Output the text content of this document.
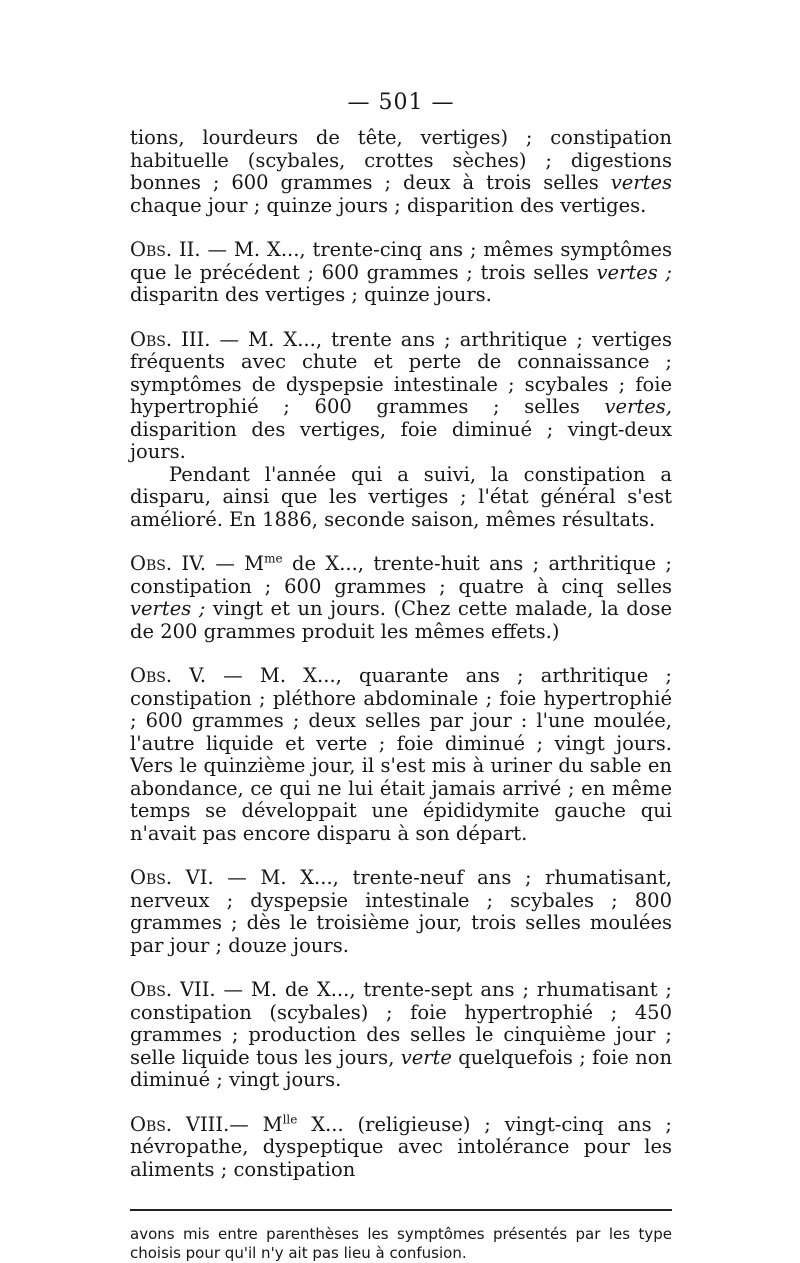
— 501 —

tions, lourdeurs de tête, vertiges) ; constipation habituelle (scybales, crottes sèches) ; digestions bonnes ; 600 grammes ; deux à trois selles vertes chaque jour ; quinze jours ; disparition des vertiges.

Obs. II. — M. X..., trente-cinq ans ; mêmes symptômes que le précédent ; 600 grammes ; trois selles vertes ; disparitn des vertiges ; quinze jours.

Obs. III. — M. X..., trente ans ; arthritique ; vertiges fréquents avec chute et perte de connaissance ; symptômes de dyspepsie intestinale ; scybales ; foie hypertrophié ; 600 grammes ; selles vertes, disparition des vertiges, foie diminué ; vingt-deux jours.

Pendant l'année qui a suivi, la constipation a disparu, ainsi que les vertiges ; l'état général s'est amélioré. En 1886, seconde saison, mêmes résultats.

Obs. IV. — $M^{me}$ de X..., trente-huit ans ; arthritique ; constipation ; 600 grammes ; quatre à cinq selles vertes ; vingt et un jours. (Chez cette malade, la dose de 200 grammes produit les mêmes effets.)

Obs. V. — M. X..., quarante ans ; arthritique ; constipation ; pléthore abdominale ; foie hypertrophié ; 600 grammes ; deux selles par jour : l'une moulée, l'autre liquide et verte ; foie diminué ; vingt jours. Vers le quinzième jour, il s'est mis à uriner du sable en abondance, ce qui ne lui était jamais arrivé ; en même temps se développait une épididymite gauche qui n'avait pas encore disparu à son départ.

Obs. VI. — M. X..., trente-neuf ans ; rhumatisant, nerveux ; dyspepsie intestinale ; scybales ; 800 grammes ; dès le troisième jour, trois selles moulées par jour ; douze jours.

Obs. VII. — M. de X..., trente-sept ans ; rhumatisant ; constipation (scybales) ; foie hypertrophié ; 450 grammes ; production des selles le cinquième jour ; selle liquide tous les jours, verte quelquefois ; foie non diminué ; vingt jours.

Obs. VIII.— $M^{lle}$ X... (religieuse) ; vingt-cinq ans ; névropathe, dyspeptique avec intolérance pour les aliments ; constipation

avons mis entre parenthèses les symptômes présentés par les type choisis pour qu'il n'y ait pas lieu à confusion.
